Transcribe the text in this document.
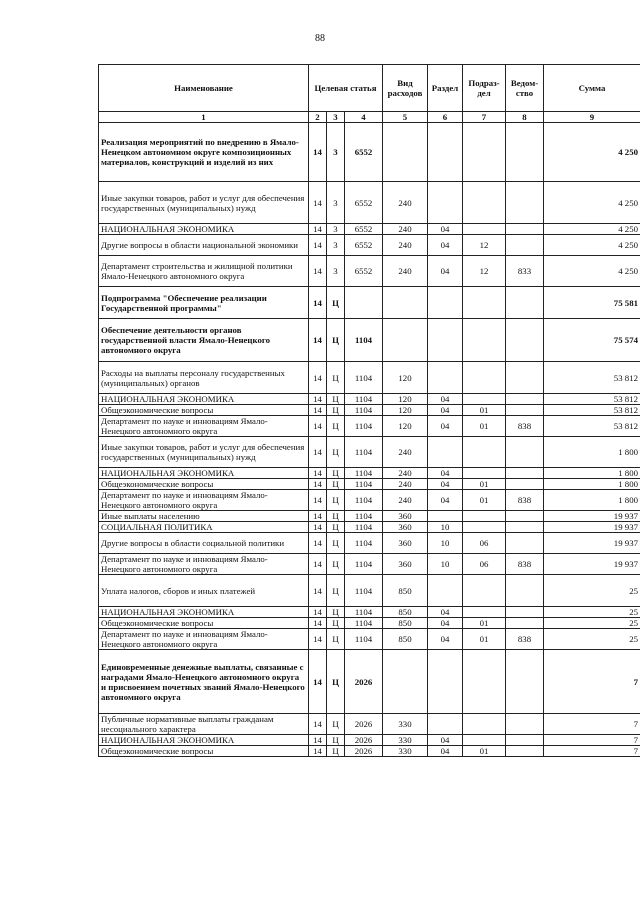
88
Наименование	Целевая статья			Вид расходов	Раздел	Подраз-дел	Ведом-ство	Сумма
1	2	3	4	5	6	7	8	9
Реализация мероприятий по внедрению в Ямало-Ненецком автономном округе композиционных материалов, конструкций и изделий из них	14	3	6552					4 250
Иные закупки товаров, работ и услуг для обеспечения государственных (муниципальных) нужд	14	3	6552	240				4 250
НАЦИОНАЛЬНАЯ ЭКОНОМИКА	14	3	6552	240	04			4 250
Другие вопросы в области национальной экономики	14	3	6552	240	04	12		4 250
Департамент строительства и жилищной политики Ямало-Ненецкого автономного округа	14	3	6552	240	04	12	833	4 250
Подпрограмма "Обеспечение реализации Государственной программы"	14	Ц						75 581
Обеспечение деятельности органов государственной власти Ямало-Ненецкого автономного округа	14	Ц	1104					75 574
Расходы на выплаты персоналу государственных (муниципальных) органов	14	Ц	1104	120				53 812
НАЦИОНАЛЬНАЯ ЭКОНОМИКА	14	Ц	1104	120	04			53 812
Общеэкономические вопросы	14	Ц	1104	120	04	01		53 812
Департамент по науке и инновациям Ямало-Ненецкого автономного округа	14	Ц	1104	120	04	01	838	53 812
Иные закупки товаров, работ и услуг для обеспечения государственных (муниципальных) нужд	14	Ц	1104	240				1 800
НАЦИОНАЛЬНАЯ ЭКОНОМИКА	14	Ц	1104	240	04			1 800
Общеэкономические вопросы	14	Ц	1104	240	04	01		1 800
Департамент по науке и инновациям Ямало-Ненецкого автономного округа	14	Ц	1104	240	04	01	838	1 800
Иные выплаты населению	14	Ц	1104	360				19 937
СОЦИАЛЬНАЯ ПОЛИТИКА	14	Ц	1104	360	10			19 937
Другие вопросы в области социальной политики	14	Ц	1104	360	10	06		19 937
Департамент по науке и инновациям Ямало-Ненецкого автономного округа	14	Ц	1104	360	10	06	838	19 937
Уплата налогов, сборов и иных платежей	14	Ц	1104	850				25
НАЦИОНАЛЬНАЯ ЭКОНОМИКА	14	Ц	1104	850	04			25
Общеэкономические вопросы	14	Ц	1104	850	04	01		25
Департамент по науке и инновациям Ямало-Ненецкого автономного округа	14	Ц	1104	850	04	01	838	25
Единовременные денежные выплаты, связанные с наградами Ямало-Ненецкого автономного округа и присвоением почетных званий Ямало-Ненецкого автономного округа	14	Ц	2026					7
Публичные нормативные выплаты гражданам несоциального характера	14	Ц	2026	330				7
НАЦИОНАЛЬНАЯ ЭКОНОМИКА	14	Ц	2026	330	04			7
Общеэкономические вопросы	14	Ц	2026	330	04	01		7
